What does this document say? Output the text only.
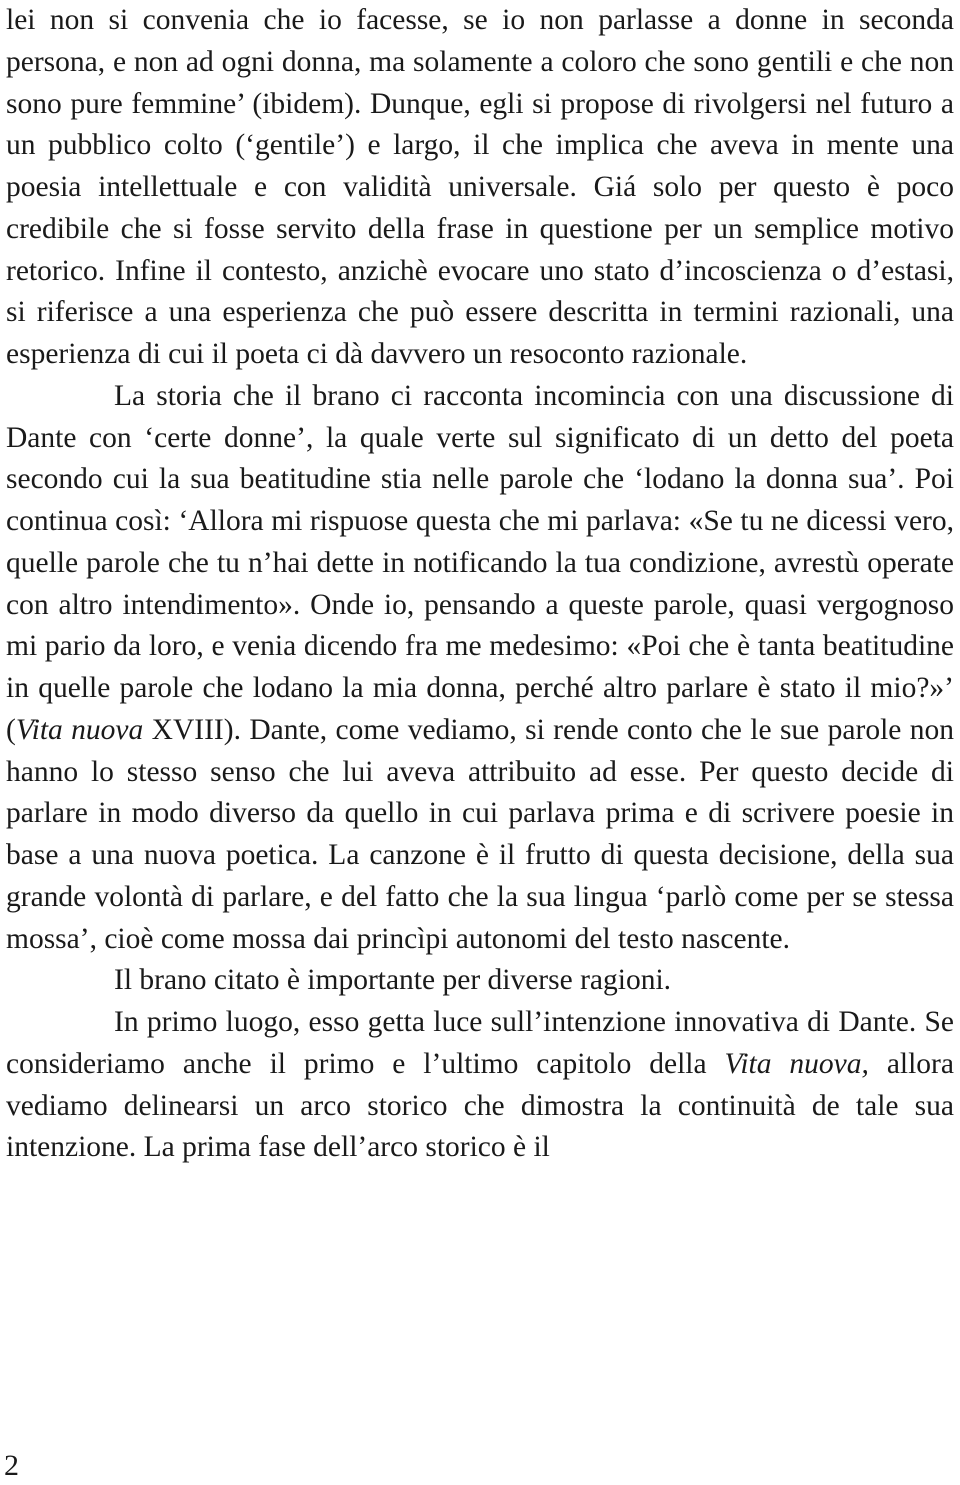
lei non si convenia che io facesse, se io non parlasse a donne in seconda persona, e non ad ogni donna, ma solamente a coloro che sono gentili e che non sono pure femmine’ (ibidem). Dunque, egli si propose di rivolgersi nel futuro a un pubblico colto (‘gentile’) e largo, il che implica che aveva in mente una poesia intellettuale e con validità universale. Giá solo per questo è poco credibile che si fosse servito della frase in questione per un semplice motivo retorico. Infine il contesto, anzichè evocare uno stato d’incoscienza o d’estasi, si riferisce a una esperienza che può essere descritta in termini razionali, una esperienza di cui il poeta ci dà davvero un resoconto razionale.

La storia che il brano ci racconta incomincia con una discussione di Dante con ‘certe donne’, la quale verte sul significato di un detto del poeta secondo cui la sua beatitudine stia nelle parole che ‘lodano la donna sua’. Poi continua così: ‘Allora mi rispuose questa che mi parlava: «Se tu ne dicessi vero, quelle parole che tu n’hai dette in notificando la tua condizione, avrestù operate con altro intendimento». Onde io, pensando a queste parole, quasi vergognoso mi pario da loro, e venia dicendo fra me medesimo: «Poi che è tanta beatitudine in quelle parole che lodano la mia donna, perché altro parlare è stato il mio?»’ (Vita nuova XVIII). Dante, come vediamo, si rende conto che le sue parole non hanno lo stesso senso che lui aveva attribuito ad esse. Per questo decide di parlare in modo diverso da quello in cui parlava prima e di scrivere poesie in base a una nuova poetica. La canzone è il frutto di questa decisione, della sua grande volontà di parlare, e del fatto che la sua lingua ‘parlò come per se stessa mossa’, cioè come mossa dai princìpi autonomi del testo nascente.

Il brano citato è importante per diverse ragioni.

In primo luogo, esso getta luce sull’intenzione innovativa di Dante. Se consideriamo anche il primo e l’ultimo capitolo della Vita nuova, allora vediamo delinearsi un arco storico che dimostra la continuità de tale sua intenzione. La prima fase dell’arco storico è il

2
